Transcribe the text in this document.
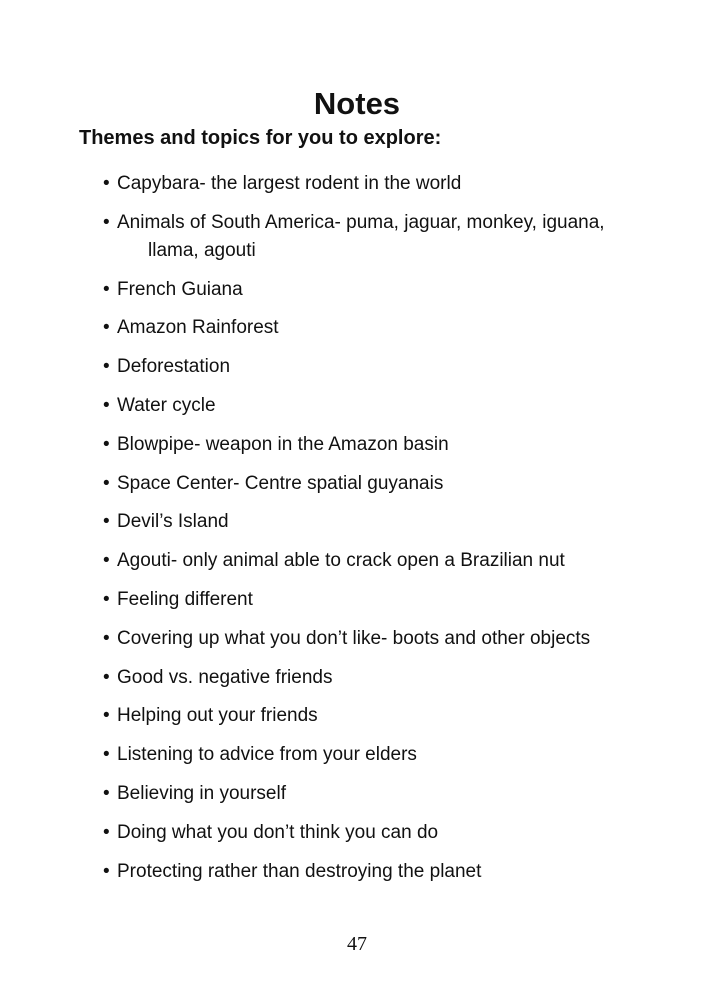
Notes
Themes and topics for you to explore:
• Capybara- the largest rodent in the world
• Animals of South America- puma, jaguar, monkey, iguana,
llama, agouti
• French Guiana
• Amazon Rainforest
• Deforestation
• Water cycle
• Blowpipe- weapon in the Amazon basin
• Space Center- Centre spatial guyanais
• Devil’s Island
• Agouti- only animal able to crack open a Brazilian nut
• Feeling different
• Covering up what you don’t like- boots and other objects
• Good vs. negative friends
• Helping out your friends
• Listening to advice from your elders
• Believing in yourself
• Doing what you don’t think you can do
• Protecting rather than destroying the planet
47
